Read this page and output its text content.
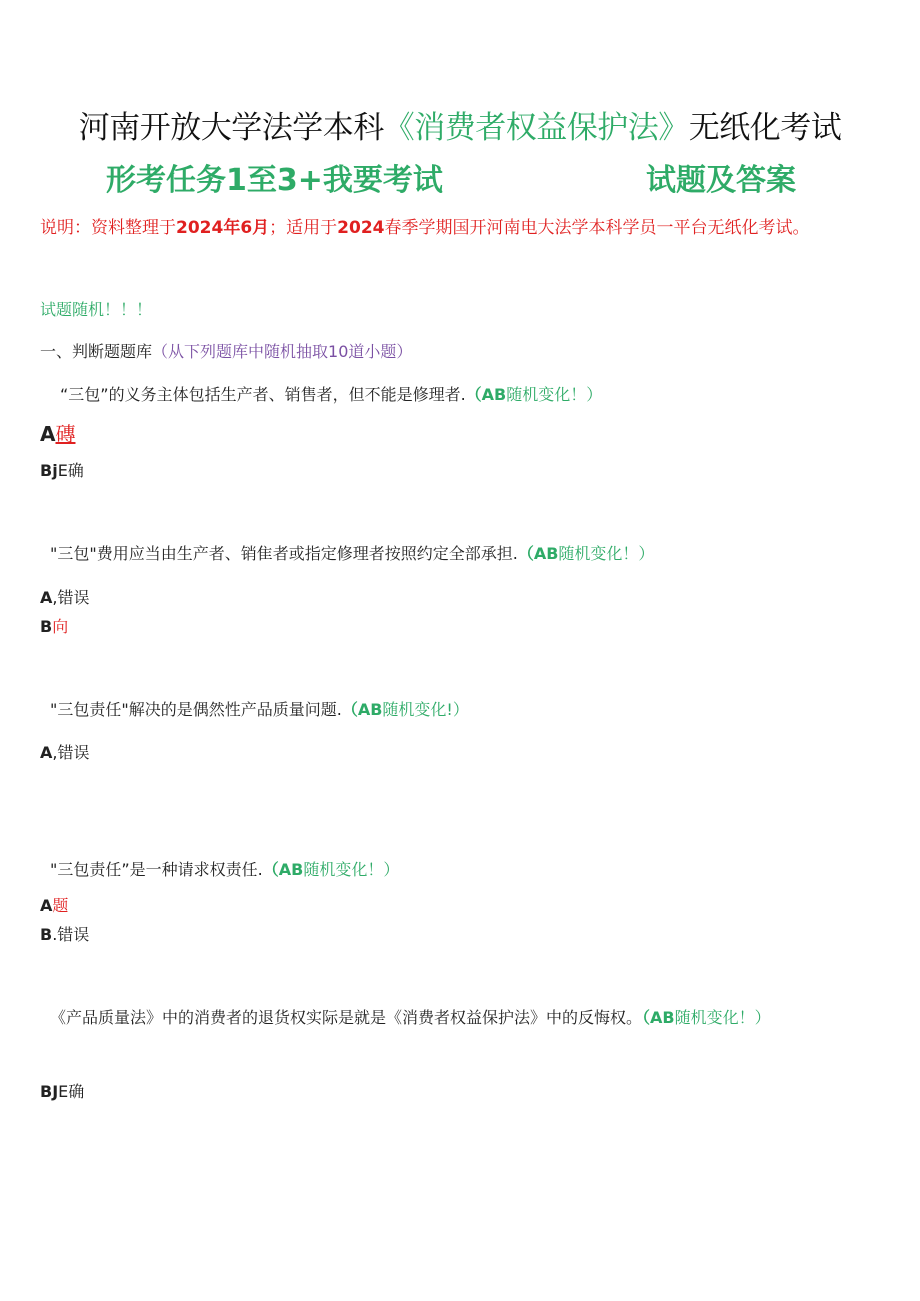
河南开放大学法学本科《消费者权益保护法》无纸化考试
形考任务1至3+我要考试	试题及答案
说明：资料整理于2024年6月；适用于2024春季学期国开河南电大法学本科学员一平台无纸化考试。
试题随机！！！
一、判断题题库（从下列题库中随机抽取10道小题）
“三包”的义务主体包括生产者、销售者，但不能是修理者.（AB随机变化！）
A磚
BjE确
"三包"费用应当由生产者、销隹者或指定修理者按照约定全部承担.（AB随机变化！）
A,错误
B向
"三包责任"解决的是偶然性产品质量问题.（AB随机变化!）
A,错误
"三包责任”是一种请求权责任.（AB随机变化！）
A题
B.错误
《产品质量法》中的消费者的退货权实际是就是《消费者权益保护法》中的反悔权。（AB随机变化！）
BJE确
